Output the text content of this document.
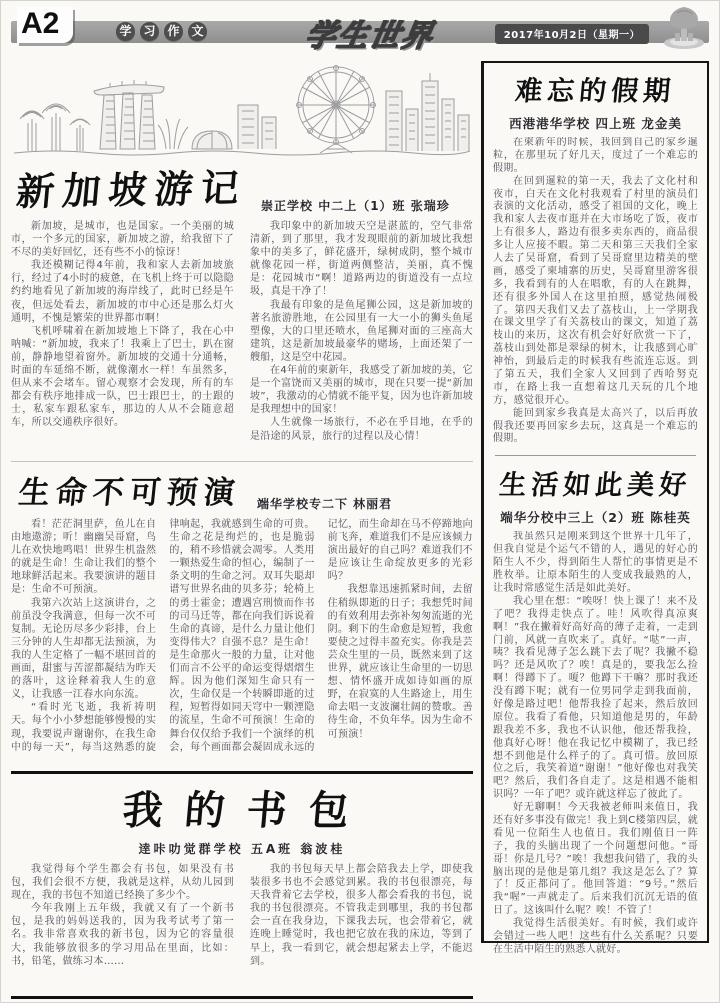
A2	学 习 作 文	学生世界	2017年10月2日（星期一）
新加坡游记 崇正学校 中二上（1）班 张瑞珍

新加坡，是城市，也是国家。一个美丽的城市，一个多元的国家，新加坡之游，给我留下了不尽的美好回忆，还有些不小的惊讶！

我还模糊记得4年前，我和家人去新加坡旅行，经过了4小时的疲惫，在飞机上终于可以隐隐约约地看见了新加坡的海岸线了，此时已经是午夜，但远处看去，新加坡的市中心还是那么灯火通明，不愧是繁荣的世界都市啊！

飞机呼啸着在新加坡地上下降了，我在心中呐喊：“新加坡，我来了！我乘上了巴士，趴在窗前，静静地望着窗外。新加坡的交通十分通畅，时面的车延绵不断，就像潮水一样！车虽然多，但从来不会堵车。留心观察才会发现，所有的车都会有秩序地排成一队，巴士跟巴士，的士跟的士，私家车跟私家车，那边的人从不会随意超车，所以交通秩序很好。

我印象中的新加坡天空是湛蓝的，空气非常清新，到了那里，我才发现眼前的新加坡比我想象中的美多了，鲜花盛开，绿树成阴，整个城市就像花园一样，街道两侧整洁，美丽，真不愧是：花园城市“啊！道路两边的街道没有一点垃圾，真是干净了！

我最有印象的是鱼尾狮公园，这是新加坡的著名旅游胜地，在公园里有一大一小的狮头鱼尾塑像，大的口里还喷水，鱼尾狮对面的三座高大建筑，这是新加坡最豪华的赌场，上面还架了一艘船，这是空中花园。

在4年前的柬新年，我感受了新加坡的美，它是一个富饶而又美丽的城市，现在只要一提“新加坡”，我激动的心情就不能平复，因为也许新加坡是我理想中的国家！

人生就像一场旅行，不必在乎目地，在乎的是沿途的风景，旅行的过程以及心情！

生命不可预演 端华学校专二下 林丽君

看！茫茫洞里萨，鱼儿在自由地遨游；听！幽幽吴哥窟，鸟儿在欢快地鸣唱！世界生机盎然的就是生命！生命让我们的整个地球鲜活起来。我要演讲的题目是：生命不可预演。

我第六次站上这演讲台，之前虽没令我满意，但每一次不可复制。无论历尽多少彩排，台上三分钟的人生却都无法预演，为我的人生定格了一幅不堪回首的画面，甜蜜与苦涩都凝结为昨天的落叶，这诠释着我人生的意义，让我感一江春水向东流。

“看时光飞逝，我祈祷明天。每个小小梦想能够慢慢的实现，我要说声谢谢你，在我生命中的每一天”，每当这熟悉的旋律响起，我就感到生命的可贵。生命之花是绚烂的，也是脆弱的，稍不珍惜就会凋零。人类用一颗热爱生命的恒心，编制了一条文明的生命之河。双耳失聪却谱写世界名曲的贝多芬；轮椅上的勇士霍金；遭遇宫刑愤而作书的司马迁等，都在向我们诉说着生命的真谛，是什么力量让他们变得伟大？自强不息？是生命！是生命那火一般的力量，让对他们而言不公平的命运变得熠熠生辉。因为他们深知生命只有一次，生命仅是一个转瞬即逝的过程，短暂得如同天穹中一颗湮隐的流星，生命不可预演！生命的舞台仅仅给予我们一个演绎的机会，每个画面都会凝固成永远的记忆，而生命却在马不停蹄地向前飞奔，难道我们不是应该倾力演出最好的自己吗？难道我们不是应该让生命绽放更多的光彩吗？

我想靠迅速抓紧时间，去留住稍纵即逝的日子；我想凭时间的有效利用去弥补匆匆流逝的光阴。剩下的生命愈是短暂，我愈要使之过得丰盈充实。你我是芸芸众生里的一员，既然来到了这世界，就应该让生命里的一切思想、情怀盛开成如诗如画的原野，在寂寞的人生路途上，用生命去唱一支波澜壮阔的赞歌。善待生命，不负年华。因为生命不可预演！

我的书包
逹咔叻觉群学校 五A班 翁波桂

我觉得每个学生都会有书包，如果没有书包，我们会很不方便，我就是这样，从幼儿园到现在，我的书包不知道已经换了多少个。

今年我刚上五年级，我就又有了一个新书包，是我的妈妈送我的，因为我考试考了第一名。我非常喜欢我的新书包，因为它的容量很大，我能够放很多的学习用品在里面，比如：书，铅笔，做练习本……

我的书包每天早上都会陪我去上学，即使我装很多书也不会感觉到累。我的书包很漂亮，每天我背着它去学校，很多人都会看我的书包，说我的书包很漂亮。不管我走到哪里，我的书包都会一直在我身边，下课我去玩，也会带着它，就连晚上睡觉时，我也把它放在我的床边，等到了早上，我一看到它，就会想起紧去上学，不能迟到。

难忘的假期
西港港华学校 四上班 龙金美

在柬新年的时候，我回到自己的家乡暹粒，在那里玩了好几天，度过了一个难忘的假期。

在回到暹粒的第一天，我去了文化村和夜市，白天在文化村我观看了村里的演员们表演的文化活动，感受了祖国的文化，晚上我和家人去夜市逛并在大市场吃了饭，夜市上有很多人，路边有很多卖东西的，商品很多让人应接不暇。第二天和第三天我们全家人去了吴哥窟，看到了吴哥窟里边精美的壁画，感受了柬埔寨的历史，吴哥窟里游客很多，我看到有的人在唱歌，有的人在跳舞，还有很多外国人在这里拍照，感觉热闹极了。第四天我们又去了荔枝山，上一学期我在课文里学了有关荔枝山的课文，知道了荔枝山的来历，这次有机会好好欣赏一下了，荔枝山到处都是翠绿的树木，让我感到心旷神怡，到最后走的时候我有些流连忘返。到了第五天，我们全家人又回到了西哈努克市，在路上我一直想着这几天玩的几个地方，感觉很开心。

能回到家乡我真是太高兴了，以后再放假我还要再回家乡去玩，这真是一个难忘的假期。

生活如此美好
端华分校中三上（2）班 陈桂英

我虽然只是刚来到这个世界十几年了，但我自觉是个运气不错的人，遇见的好心的陌生人不少，得到陌生人帮忙的事情更是不胜枚举。让原本陌生的人变成我最熟的人，让我时常感觉生活是如此美好。

我心里在想：“唉呀！快上课了！来不及了吧？我得走快点了。哇！风吹得真凉爽啊！”我在撇着好高好高的薄子走着，一走到门前，风就一直吹来了。真好。“哒”一声，咦？我看见薄子怎么跳下去了呢？我撇不稳吗？还是风吹了？唉！真是的，要我怎么捡啊！得蹲下了。嗄？他蹲下干嘛？那时我还没有蹲下呢；就有一位男同学走到我面前，好像是路过吧！他帮我捡了起来，然后放回原位。我看了看他，只知道他是男的，年龄跟我差不多，我也不认识他，他还帮我捡，他真好心呀！他在我记忆中模糊了，我已经想不到他是什么样子的了。真可惜。放回原位之后，我笑着道“谢谢！”他好像也对我笑吧？然后，我们各自走了。这是相遇不能相识吗？一年了吧？或许就这样忘了彼此了。

好无聊啊！今天我被老师叫来值日，我还有好多事没有做完！我上到C楼第四层，就看见一位陌生人也值日。我们刚值日一阵子，我的头脑出现了一个问题想问他。“哥哥！你是几号？”唉！我想我问错了，我的头脑出现的是他是第几组？我这是怎么了？算了！反正都问了。他回答道：“9号。”然后我“喔”一声就走了。后来我们沉沉无语的值日了。这该叫什么呢？唉！不管了！

我觉得生活很美好。有时候，我们或许会错过一些人吧！这些有什么关系呢？只要在生活中陌生的熟悉人就好。
